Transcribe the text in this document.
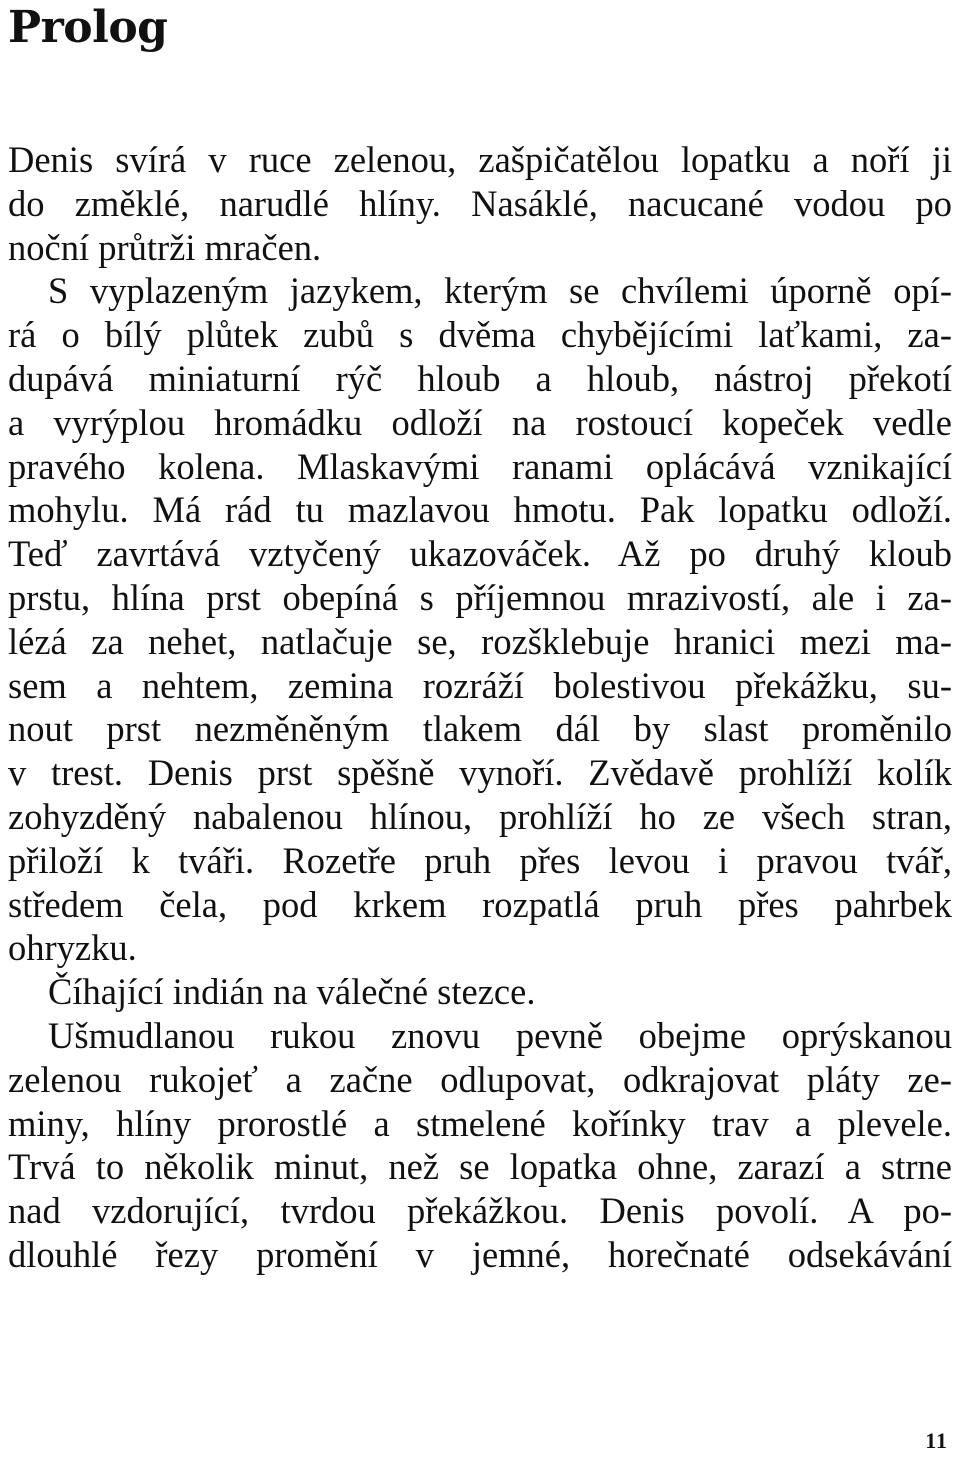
Prolog
Denis svírá v ruce zelenou, zašpičatělou lopatku a noří ji
do změklé, narudlé hlíny. Nasáklé, nacucané vodou po
noční průtrži mračen.
S vyplazeným jazykem, kterým se chvílemi úporně opí-
rá o bílý plůtek zubů s dvěma chybějícími laťkami, za-
dupává miniaturní rýč hloub a hloub, nástroj překotí
a vyrýplou hromádku odloží na rostoucí kopeček vedle
pravého kolena. Mlaskavými ranami oplácává vznikající
mohylu. Má rád tu mazlavou hmotu. Pak lopatku odloží.
Teď zavrtává vztyčený ukazováček. Až po druhý kloub
prstu, hlína prst obepíná s příjemnou mrazivostí, ale i za-
lézá za nehet, natlačuje se, rozšklebuje hranici mezi ma-
sem a nehtem, zemina rozráží bolestivou překážku, su-
nout prst nezměněným tlakem dál by slast proměnilo
v trest. Denis prst spěšně vynoří. Zvědavě prohlíží kolík
zohyzděný nabalenou hlínou, prohlíží ho ze všech stran,
přiloží k tváři. Rozetře pruh přes levou i pravou tvář,
středem čela, pod krkem rozpatlá pruh přes pahrbek
ohryzku.
Číhající indián na válečné stezce.
Ušmudlanou rukou znovu pevně obejme oprýskanou
zelenou rukojeť a začne odlupovat, odkrajovat pláty ze-
miny, hlíny prorostlé a stmelené kořínky trav a plevele.
Trvá to několik minut, než se lopatka ohne, zarazí a strne
nad vzdorující, tvrdou překážkou. Denis povolí. A po-
dlouhlé řezy promění v jemné, horečnaté odsekávání
11
